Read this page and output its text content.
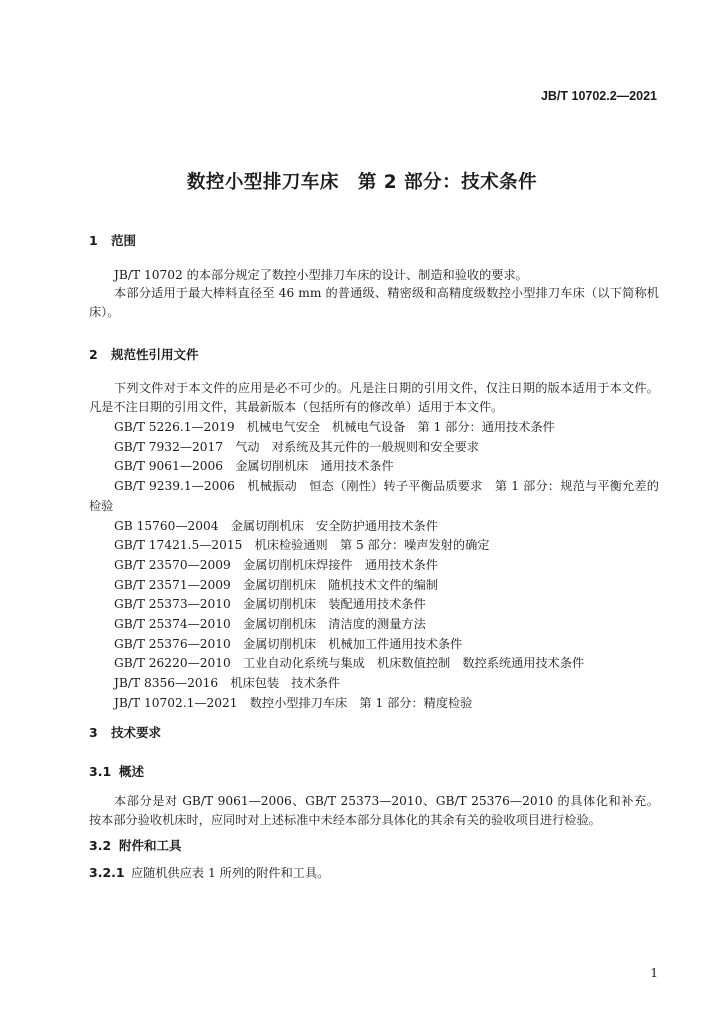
JB/T 10702.2—2021
数控小型排刀车床　第 2 部分：技术条件
1 范围
JB/T 10702 的本部分规定了数控小型排刀车床的设计、制造和验收的要求。
本部分适用于最大棒料直径至 46 mm 的普通级、精密级和高精度级数控小型排刀车床（以下简称机床）。
2 规范性引用文件
下列文件对于本文件的应用是必不可少的。凡是注日期的引用文件，仅注日期的版本适用于本文件。凡是不注日期的引用文件，其最新版本（包括所有的修改单）适用于本文件。
GB/T 5226.1—2019　机械电气安全　机械电气设备　第 1 部分：通用技术条件
GB/T 7932—2017　气动　对系统及其元件的一般规则和安全要求
GB/T 9061—2006　金属切削机床　通用技术条件
GB/T 9239.1—2006　机械振动　恒态（刚性）转子平衡品质要求　第 1 部分：规范与平衡允差的检验
GB 15760—2004　金属切削机床　安全防护通用技术条件
GB/T 17421.5—2015　机床检验通则　第 5 部分：噪声发射的确定
GB/T 23570—2009　金属切削机床焊接件　通用技术条件
GB/T 23571—2009　金属切削机床　随机技术文件的编制
GB/T 25373—2010　金属切削机床　装配通用技术条件
GB/T 25374—2010　金属切削机床　清洁度的测量方法
GB/T 25376—2010　金属切削机床　机械加工件通用技术条件
GB/T 26220—2010　工业自动化系统与集成　机床数值控制　数控系统通用技术条件
JB/T 8356—2016　机床包装　技术条件
JB/T 10702.1—2021　数控小型排刀车床　第 1 部分：精度检验
3 技术要求
3.1 概述
本部分是对 GB/T 9061—2006、GB/T 25373—2010、GB/T 25376—2010 的具体化和补充。按本部分验收机床时，应同时对上述标准中未经本部分具体化的其余有关的验收项目进行检验。
3.2 附件和工具
3.2.1 应随机供应表 1 所列的附件和工具。
1
